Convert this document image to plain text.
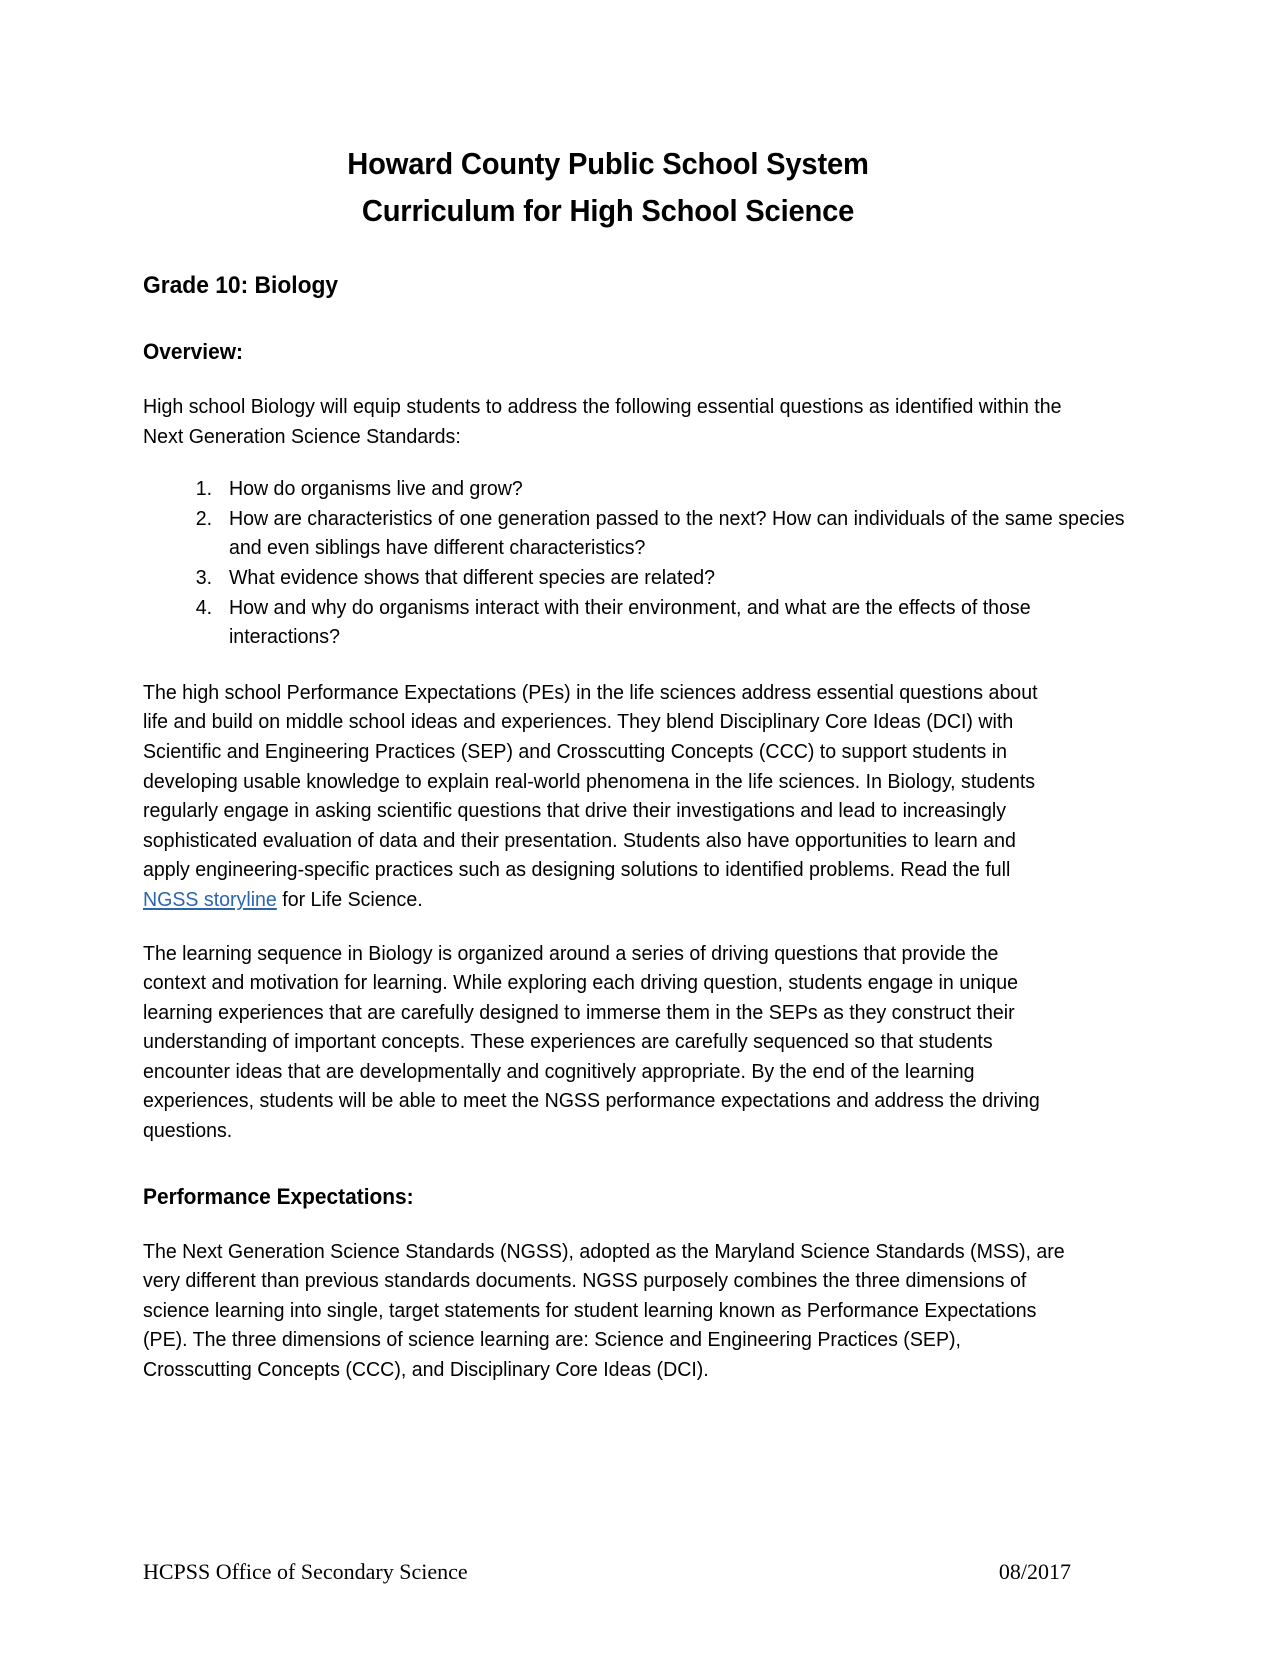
Howard County Public School System
Curriculum for High School Science
Grade 10: Biology
Overview:

High school Biology will equip students to address the following essential questions as identified within the Next Generation Science Standards:

1. How do organisms live and grow?
2. How are characteristics of one generation passed to the next? How can individuals of the same species and even siblings have different characteristics?
3. What evidence shows that different species are related?
4. How and why do organisms interact with their environment, and what are the effects of those interactions?

The high school Performance Expectations (PEs) in the life sciences address essential questions about life and build on middle school ideas and experiences. They blend Disciplinary Core Ideas (DCI) with Scientific and Engineering Practices (SEP) and Crosscutting Concepts (CCC) to support students in developing usable knowledge to explain real-world phenomena in the life sciences. In Biology, students regularly engage in asking scientific questions that drive their investigations and lead to increasingly sophisticated evaluation of data and their presentation. Students also have opportunities to learn and apply engineering-specific practices such as designing solutions to identified problems. Read the full NGSS storyline for Life Science.

The learning sequence in Biology is organized around a series of driving questions that provide the context and motivation for learning. While exploring each driving question, students engage in unique learning experiences that are carefully designed to immerse them in the SEPs as they construct their understanding of important concepts. These experiences are carefully sequenced so that students encounter ideas that are developmentally and cognitively appropriate. By the end of the learning experiences, students will be able to meet the NGSS performance expectations and address the driving questions.

Performance Expectations:

The Next Generation Science Standards (NGSS), adopted as the Maryland Science Standards (MSS), are very different than previous standards documents. NGSS purposely combines the three dimensions of science learning into single, target statements for student learning known as Performance Expectations (PE). The three dimensions of science learning are: Science and Engineering Practices (SEP), Crosscutting Concepts (CCC), and Disciplinary Core Ideas (DCI).

HCPSS Office of Secondary Science	08/2017
